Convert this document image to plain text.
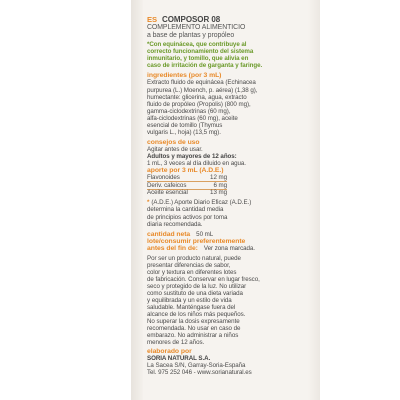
ES COMPOSOR 08
COMPLEMENTO ALIMENTICIO
a base de plantas y propóleo
*Con equinácea, que contribuye al
correcto funcionamiento del sistema
inmunitario, y tomillo, que alivia en
caso de irritación de garganta y faringe.
ingredientes (por 3 mL)
Extracto fluido de equinácea (Echinacea
purpurea (L.) Moench, p. aérea) (1,38 g),
humectante: glicerina, agua, extracto
fluido de propóleo (Propolis) (800 mg),
gamma-ciclodextrinas (60 mg),
alfa-ciclodextrinas (60 mg), aceite
esencial de tomillo (Thymus
vulgaris L., hoja) (13,5 mg).
consejos de uso
Agitar antes de usar.
Adultos y mayores de 12 años:
1 mL, 3 veces al día diluido en agua.
aporte por 3 mL (A.D.E.)
Flavonoides	12 mg
Deriv. cafeicos	6 mg
Aceite esencial	13 mg
* (A.D.E.) Aporte Diario Eficaz (A.D.E.)
determina la cantidad media
de principios activos por toma
diaria recomendada.
cantidad neta 50 mL
lote/consumir preferentemente
antes del fin de: Ver zona marcada.
Por ser un producto natural, puede
presentar diferencias de sabor,
color y textura en diferentes lotes
de fabricación. Conservar en lugar fresco,
seco y protegido de la luz. No utilizar
como sustituto de una dieta variada
y equilibrada y un estilo de vida
saludable. Manténgase fuera del
alcance de los niños más pequeños.
No superar la dosis expresamente
recomendada. No usar en caso de
embarazo. No administrar a niños
menores de 12 años.
elaborado por
SORIA NATURAL S.A.
La Sacea S/N, Garray-Soria-España
Tel. 975 252 046 - www.sorianatural.es
